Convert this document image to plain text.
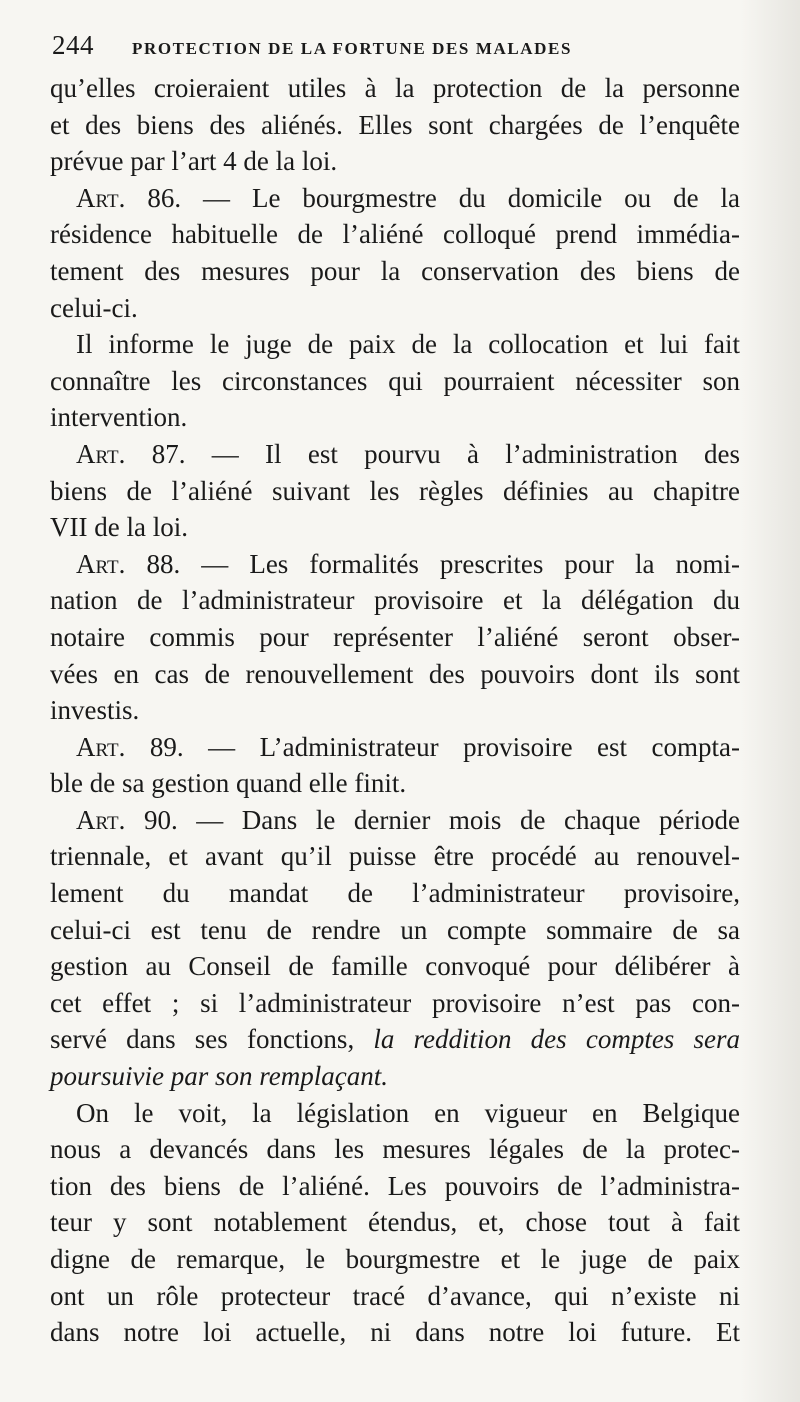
244 PROTECTION DE LA FORTUNE DES MALADES
qu’elles croieraient utiles à la protection de la personne
et des biens des aliénés. Elles sont chargées de l’enquête
prévue par l’art 4 de la loi.
Art. 86. — Le bourgmestre du domicile ou de la
résidence habituelle de l’aliéné colloqué prend immédia-
tement des mesures pour la conservation des biens de
celui-ci.
Il informe le juge de paix de la collocation et lui fait
connaître les circonstances qui pourraient nécessiter son
intervention.
Art. 87. — Il est pourvu à l’administration des
biens de l’aliéné suivant les règles définies au chapitre
VII de la loi.
Art. 88. — Les formalités prescrites pour la nomi-
nation de l’administrateur provisoire et la délégation du
notaire commis pour représenter l’aliéné seront obser-
vées en cas de renouvellement des pouvoirs dont ils sont
investis.
Art. 89. — L’administrateur provisoire est compta-
ble de sa gestion quand elle finit.
Art. 90. — Dans le dernier mois de chaque période
triennale, et avant qu’il puisse être procédé au renouvel-
lement du mandat de l’administrateur provisoire,
celui-ci est tenu de rendre un compte sommaire de sa
gestion au Conseil de famille convoqué pour délibérer à
cet effet ; si l’administrateur provisoire n’est pas con-
servé dans ses fonctions, la reddition des comptes sera
poursuivie par son remplaçant.
On le voit, la législation en vigueur en Belgique
nous a devancés dans les mesures légales de la protec-
tion des biens de l’aliéné. Les pouvoirs de l’administra-
teur y sont notablement étendus, et, chose tout à fait
digne de remarque, le bourgmestre et le juge de paix
ont un rôle protecteur tracé d’avance, qui n’existe ni
dans notre loi actuelle, ni dans notre loi future. Et
